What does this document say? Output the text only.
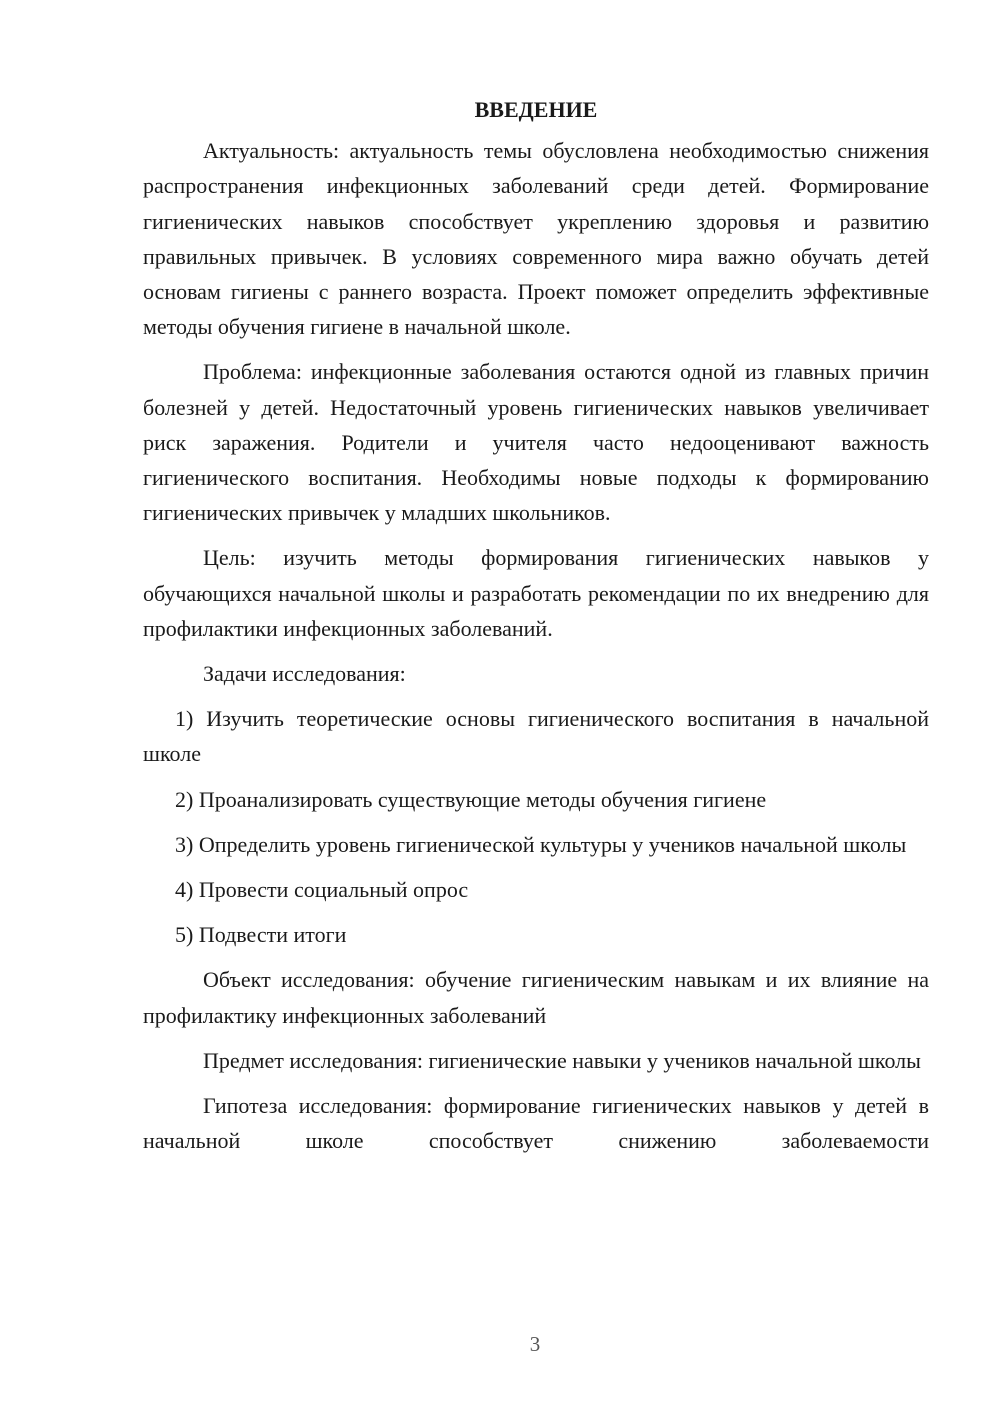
ВВЕДЕНИЕ

Актуальность: актуальность темы обусловлена необходимостью снижения распространения инфекционных заболеваний среди детей. Формирование гигиенических навыков способствует укреплению здоровья и развитию правильных привычек. В условиях современного мира важно обучать детей основам гигиены с раннего возраста. Проект поможет определить эффективные методы обучения гигиене в начальной школе.

Проблема: инфекционные заболевания остаются одной из главных причин болезней у детей. Недостаточный уровень гигиенических навыков увеличивает риск заражения. Родители и учителя часто недооценивают важность гигиенического воспитания. Необходимы новые подходы к формированию гигиенических привычек у младших школьников.

Цель: изучить методы формирования гигиенических навыков у обучающихся начальной школы и разработать рекомендации по их внедрению для профилактики инфекционных заболеваний.

Задачи исследования:

1) Изучить теоретические основы гигиенического воспитания в начальной школе

2) Проанализировать существующие методы обучения гигиене

3) Определить уровень гигиенической культуры у учеников начальной школы

4) Провести социальный опрос

5) Подвести итоги

Объект исследования: обучение гигиеническим навыкам и их влияние на профилактику инфекционных заболеваний

Предмет исследования: гигиенические навыки у учеников начальной школы

Гипотеза исследования: формирование гигиенических навыков у детей в начальной школе способствует снижению заболеваемости

3
